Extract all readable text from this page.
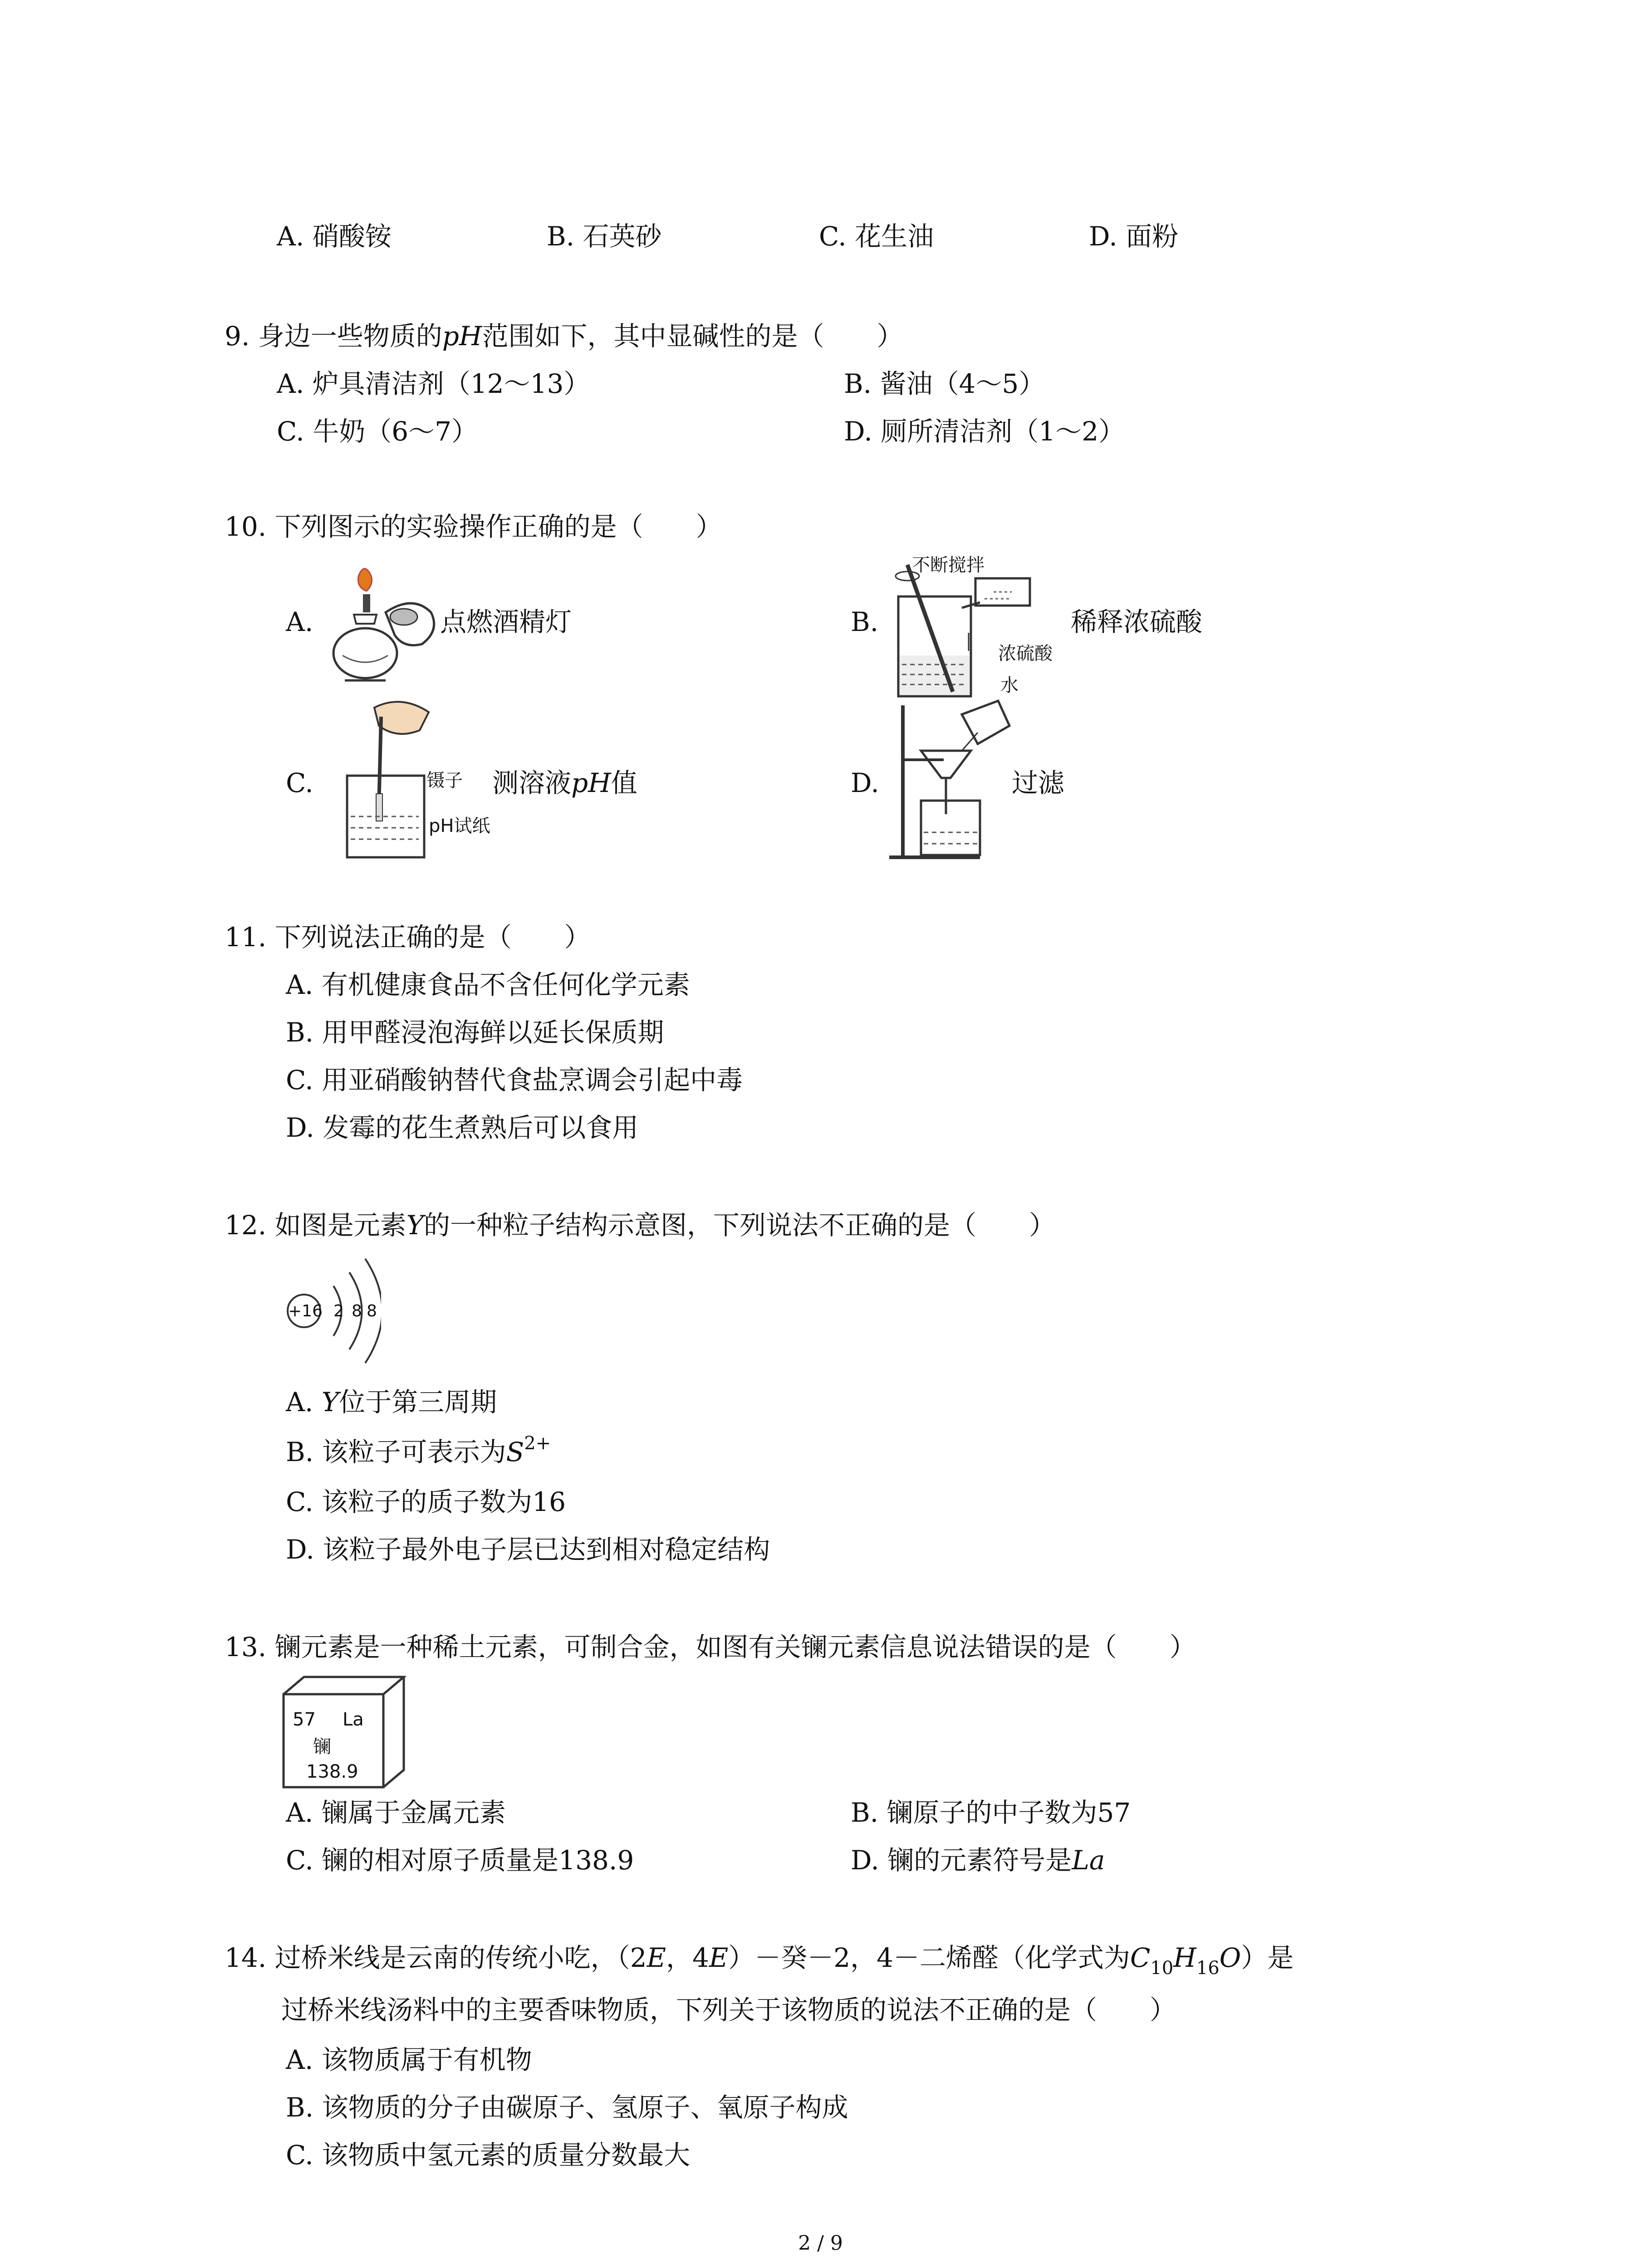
A. 硝酸铵	B. 石英砂	C. 花生油	D. 面粉
9. 身边一些物质的pH范围如下，其中显碱性的是（　　）
A. 炉具清洁剂（12～13）	B. 酱油（4～5）
C. 牛奶（6～7）	D. 厕所清洁剂（1～2）
10. 下列图示的实验操作正确的是（　　）
A.	点燃酒精灯	B.
不断搅拌
浓硫酸
水
稀释浓硫酸
C.	镊子
pH试纸
测溶液pH值	D.	过滤
11. 下列说法正确的是（　　）
A. 有机健康食品不含任何化学元素
B. 用甲醛浸泡海鲜以延长保质期
C. 用亚硝酸钠替代食盐烹调会引起中毒
D. 发霉的花生煮熟后可以食用
12. 如图是元素Y的一种粒子结构示意图，下列说法不正确的是（　　）
+16 2 8 8
A. Y位于第三周期
B. 该粒子可表示为$S^{2+}$
C. 该粒子的质子数为16
D. 该粒子最外电子层已达到相对稳定结构
13. 镧元素是一种稀土元素，可制合金，如图有关镧元素信息说法错误的是（　　）
57 La
镧
138.9
A. 镧属于金属元素	B. 镧原子的中子数为57
C. 镧的相对原子质量是138.9	D. 镧的元素符号是La
14. 过桥米线是云南的传统小吃，（2E，4E）－癸－2，4－二烯醛（化学式为$C_{10}H_{16}O$）是
过桥米线汤料中的主要香味物质，下列关于该物质的说法不正确的是（　　）
A. 该物质属于有机物
B. 该物质的分子由碳原子、氢原子、氧原子构成
C. 该物质中氢元素的质量分数最大
2 / 9
